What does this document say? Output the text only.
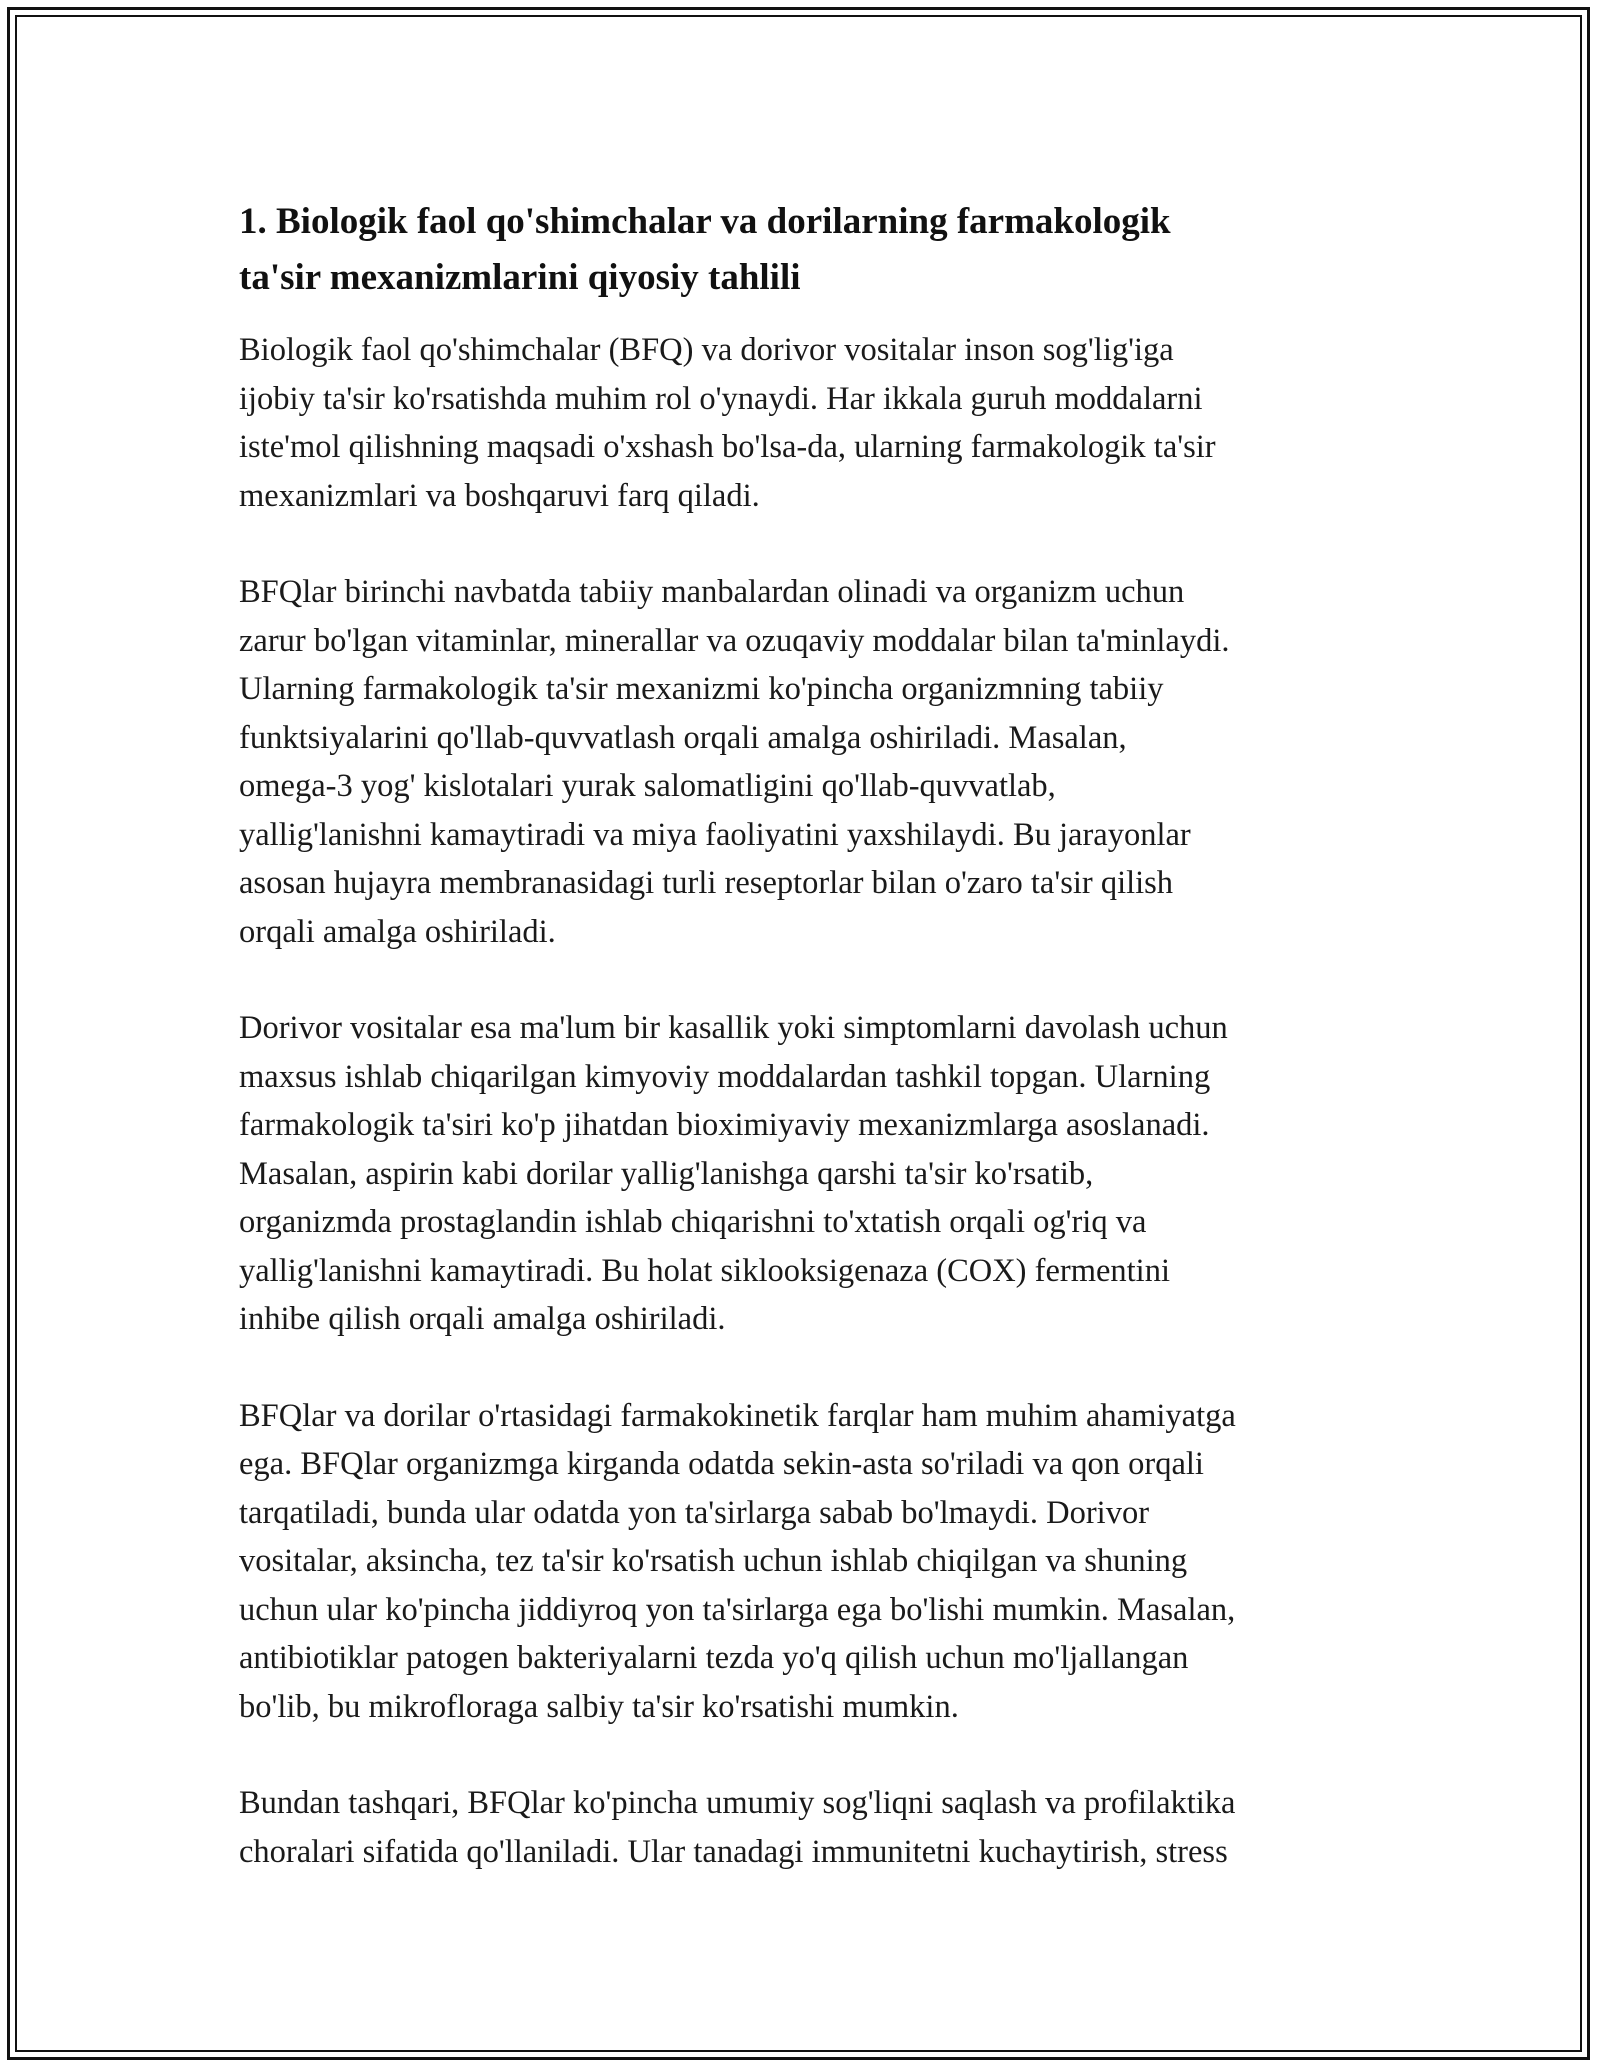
1. Biologik faol qo'shimchalar va dorilarning farmakologik
ta'sir mexanizmlarini qiyosiy tahlili

Biologik faol qo'shimchalar (BFQ) va dorivor vositalar inson sog'lig'iga
ijobiy ta'sir ko'rsatishda muhim rol o'ynaydi. Har ikkala guruh moddalarni
iste'mol qilishning maqsadi o'xshash bo'lsa-da, ularning farmakologik ta'sir
mexanizmlari va boshqaruvi farq qiladi.

BFQlar birinchi navbatda tabiiy manbalardan olinadi va organizm uchun
zarur bo'lgan vitaminlar, minerallar va ozuqaviy moddalar bilan ta'minlaydi.
Ularning farmakologik ta'sir mexanizmi ko'pincha organizmning tabiiy
funktsiyalarini qo'llab-quvvatlash orqali amalga oshiriladi. Masalan,
omega-3 yog' kislotalari yurak salomatligini qo'llab-quvvatlab,
yallig'lanishni kamaytiradi va miya faoliyatini yaxshilaydi. Bu jarayonlar
asosan hujayra membranasidagi turli reseptorlar bilan o'zaro ta'sir qilish
orqali amalga oshiriladi.

Dorivor vositalar esa ma'lum bir kasallik yoki simptomlarni davolash uchun
maxsus ishlab chiqarilgan kimyoviy moddalardan tashkil topgan. Ularning
farmakologik ta'siri ko'p jihatdan bioximiyaviy mexanizmlarga asoslanadi.
Masalan, aspirin kabi dorilar yallig'lanishga qarshi ta'sir ko'rsatib,
organizmda prostaglandin ishlab chiqarishni to'xtatish orqali og'riq va
yallig'lanishni kamaytiradi. Bu holat siklooksigenaza (COX) fermentini
inhibe qilish orqali amalga oshiriladi.

BFQlar va dorilar o'rtasidagi farmakokinetik farqlar ham muhim ahamiyatga
ega. BFQlar organizmga kirganda odatda sekin-asta so'riladi va qon orqali
tarqatiladi, bunda ular odatda yon ta'sirlarga sabab bo'lmaydi. Dorivor
vositalar, aksincha, tez ta'sir ko'rsatish uchun ishlab chiqilgan va shuning
uchun ular ko'pincha jiddiyroq yon ta'sirlarga ega bo'lishi mumkin. Masalan,
antibiotiklar patogen bakteriyalarni tezda yo'q qilish uchun mo'ljallangan
bo'lib, bu mikrofloraga salbiy ta'sir ko'rsatishi mumkin.

Bundan tashqari, BFQlar ko'pincha umumiy sog'liqni saqlash va profilaktika
choralari sifatida qo'llaniladi. Ular tanadagi immunitetni kuchaytirish, stress
